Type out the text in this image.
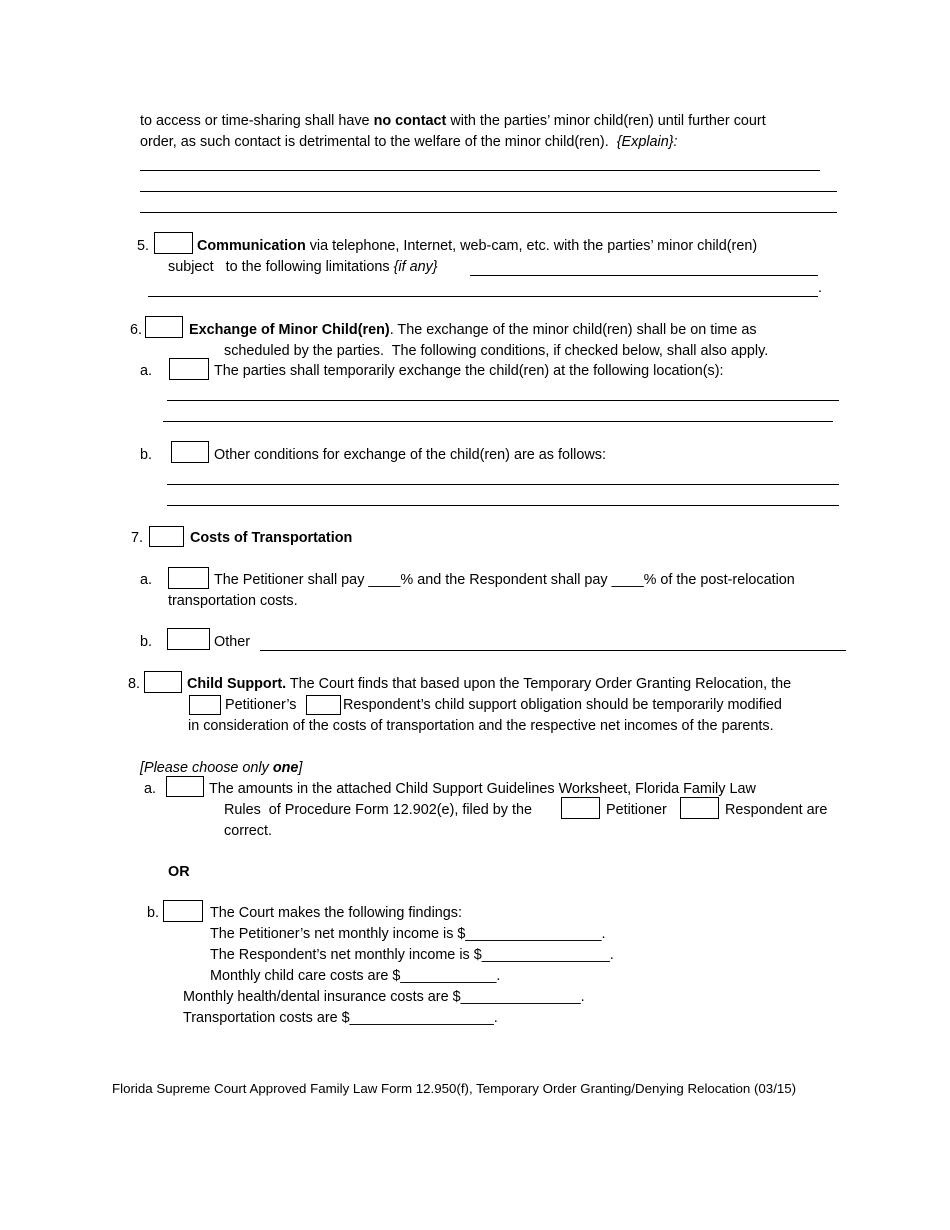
to access or time-sharing shall have no contact with the parties’ minor child(ren) until further court
order, as such contact is detrimental to the welfare of the minor child(ren).  {Explain}:
5.	Communication via telephone, Internet, web-cam, etc. with the parties’ minor child(ren)
subject   to the following limitations {if any}
.
6.	Exchange of Minor Child(ren). The exchange of the minor child(ren) shall be on time as
scheduled by the parties.  The following conditions, if checked below, shall also apply.
a.	The parties shall temporarily exchange the child(ren) at the following location(s):
b.	Other conditions for exchange of the child(ren) are as follows:
7.	Costs of Transportation
a.	The Petitioner shall pay ____% and the Respondent shall pay ____% of the post-relocation
transportation costs.
b.	Other
8.	Child Support. The Court finds that based upon the Temporary Order Granting Relocation, the
Petitioner’s	Respondent’s child support obligation should be temporarily modified
in consideration of the costs of transportation and the respective net incomes of the parents.
[Please choose only one]
a.	The amounts in the attached Child Support Guidelines Worksheet, Florida Family Law
Rules  of Procedure Form 12.902(e), filed by the	Petitioner	Respondent are
correct.
OR
b.	The Court makes the following findings:
The Petitioner’s net monthly income is $_________________.
The Respondent’s net monthly income is $________________.
Monthly child care costs are $____________.
Monthly health/dental insurance costs are $_______________.
Transportation costs are $__________________.
Florida Supreme Court Approved Family Law Form 12.950(f), Temporary Order Granting/Denying Relocation (03/15)
